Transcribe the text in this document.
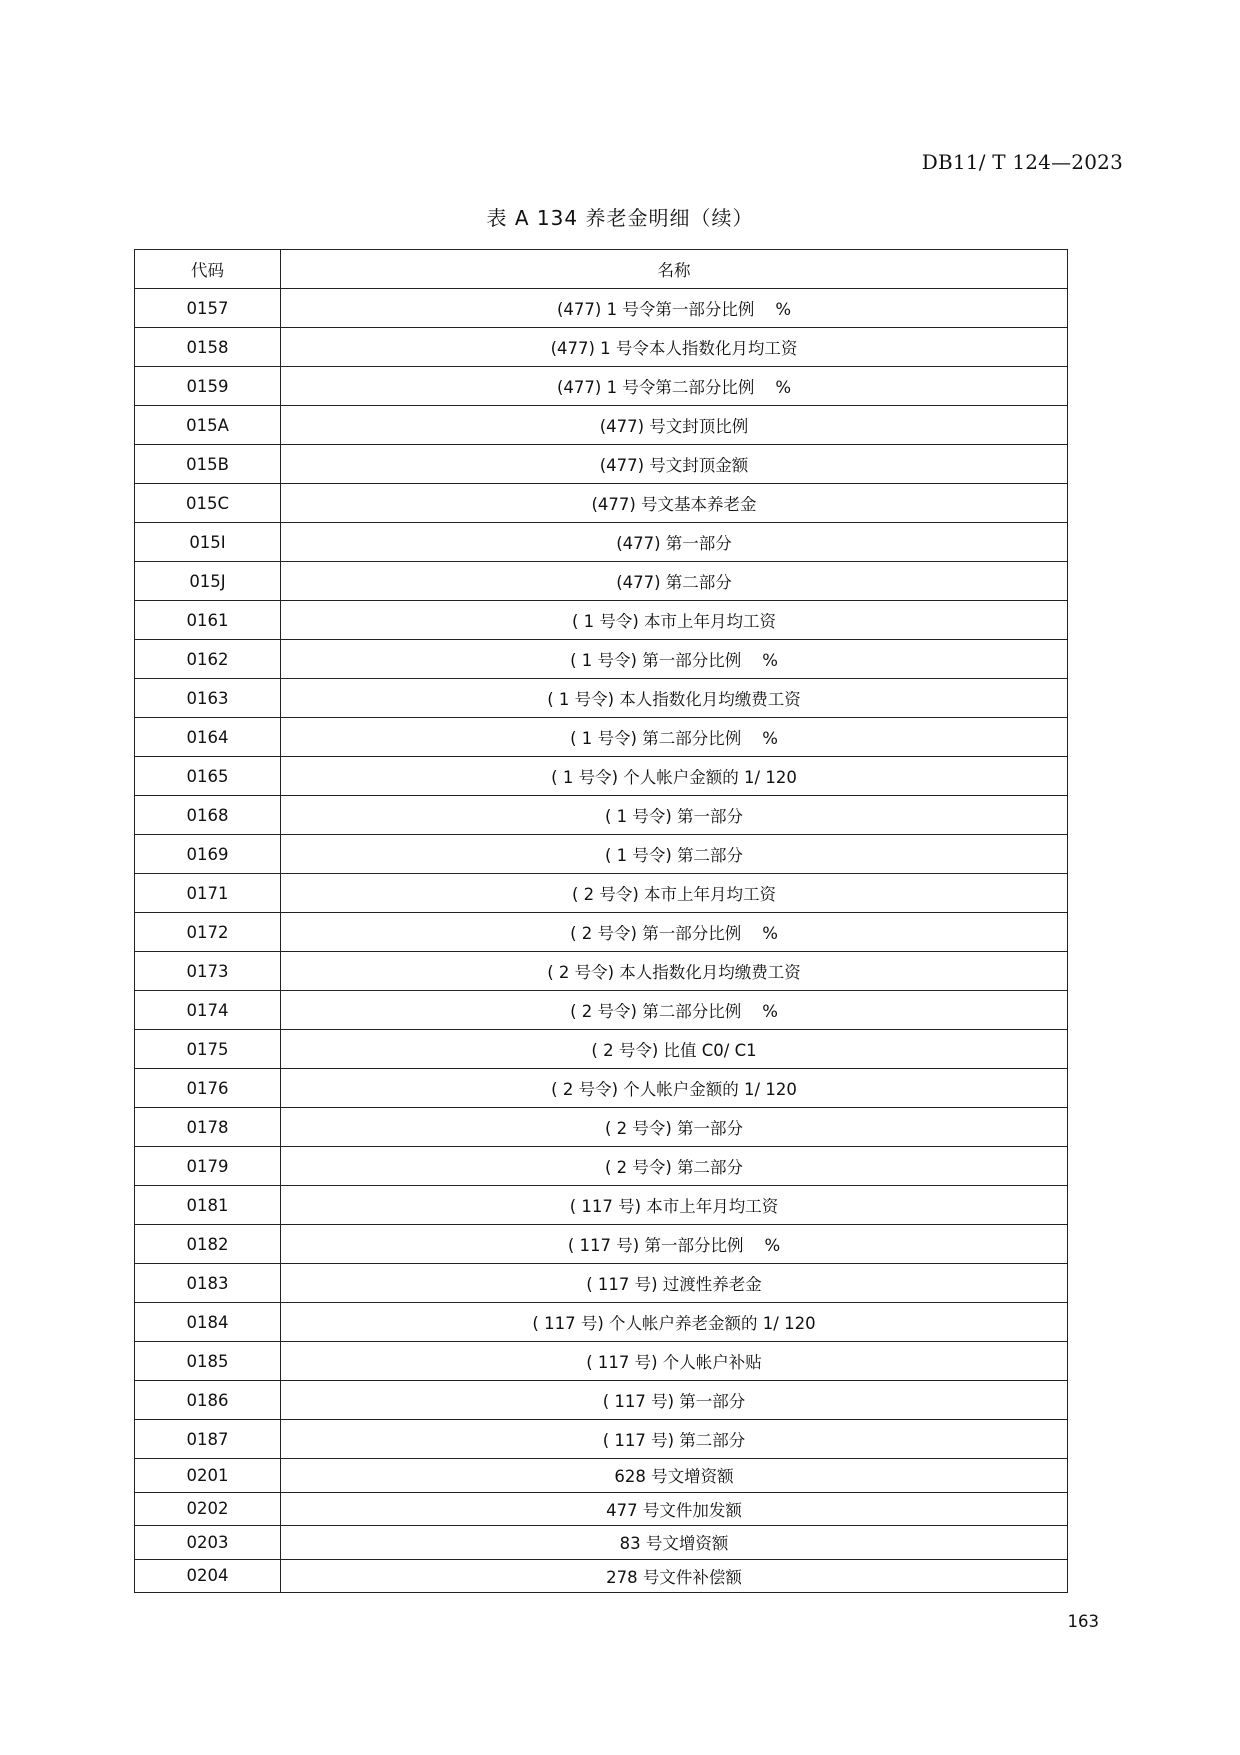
DB11/ T 124—2023
表 A 134 养老金明细（续）
代码	名称
0157	(477) 1 号令第一部分比例    %
0158	(477) 1 号令本人指数化月均工资
0159	(477) 1 号令第二部分比例    %
015A	(477) 号文封顶比例
015B	(477) 号文封顶金额
015C	(477) 号文基本养老金
015I	(477) 第一部分
015J	(477) 第二部分
0161	( 1 号令) 本市上年月均工资
0162	( 1 号令) 第一部分比例    %
0163	( 1 号令) 本人指数化月均缴费工资
0164	( 1 号令) 第二部分比例    %
0165	( 1 号令) 个人帐户金额的 1/ 120
0168	( 1 号令) 第一部分
0169	( 1 号令) 第二部分
0171	( 2 号令) 本市上年月均工资
0172	( 2 号令) 第一部分比例    %
0173	( 2 号令) 本人指数化月均缴费工资
0174	( 2 号令) 第二部分比例    %
0175	( 2 号令) 比值 C0/ C1
0176	( 2 号令) 个人帐户金额的 1/ 120
0178	( 2 号令) 第一部分
0179	( 2 号令) 第二部分
0181	( 117 号) 本市上年月均工资
0182	( 117 号) 第一部分比例    %
0183	( 117 号) 过渡性养老金
0184	( 117 号) 个人帐户养老金额的 1/ 120
0185	( 117 号) 个人帐户补贴
0186	( 117 号) 第一部分
0187	( 117 号) 第二部分
0201	628 号文增资额
0202	477 号文件加发额
0203	83 号文增资额
0204	278 号文件补偿额
163
